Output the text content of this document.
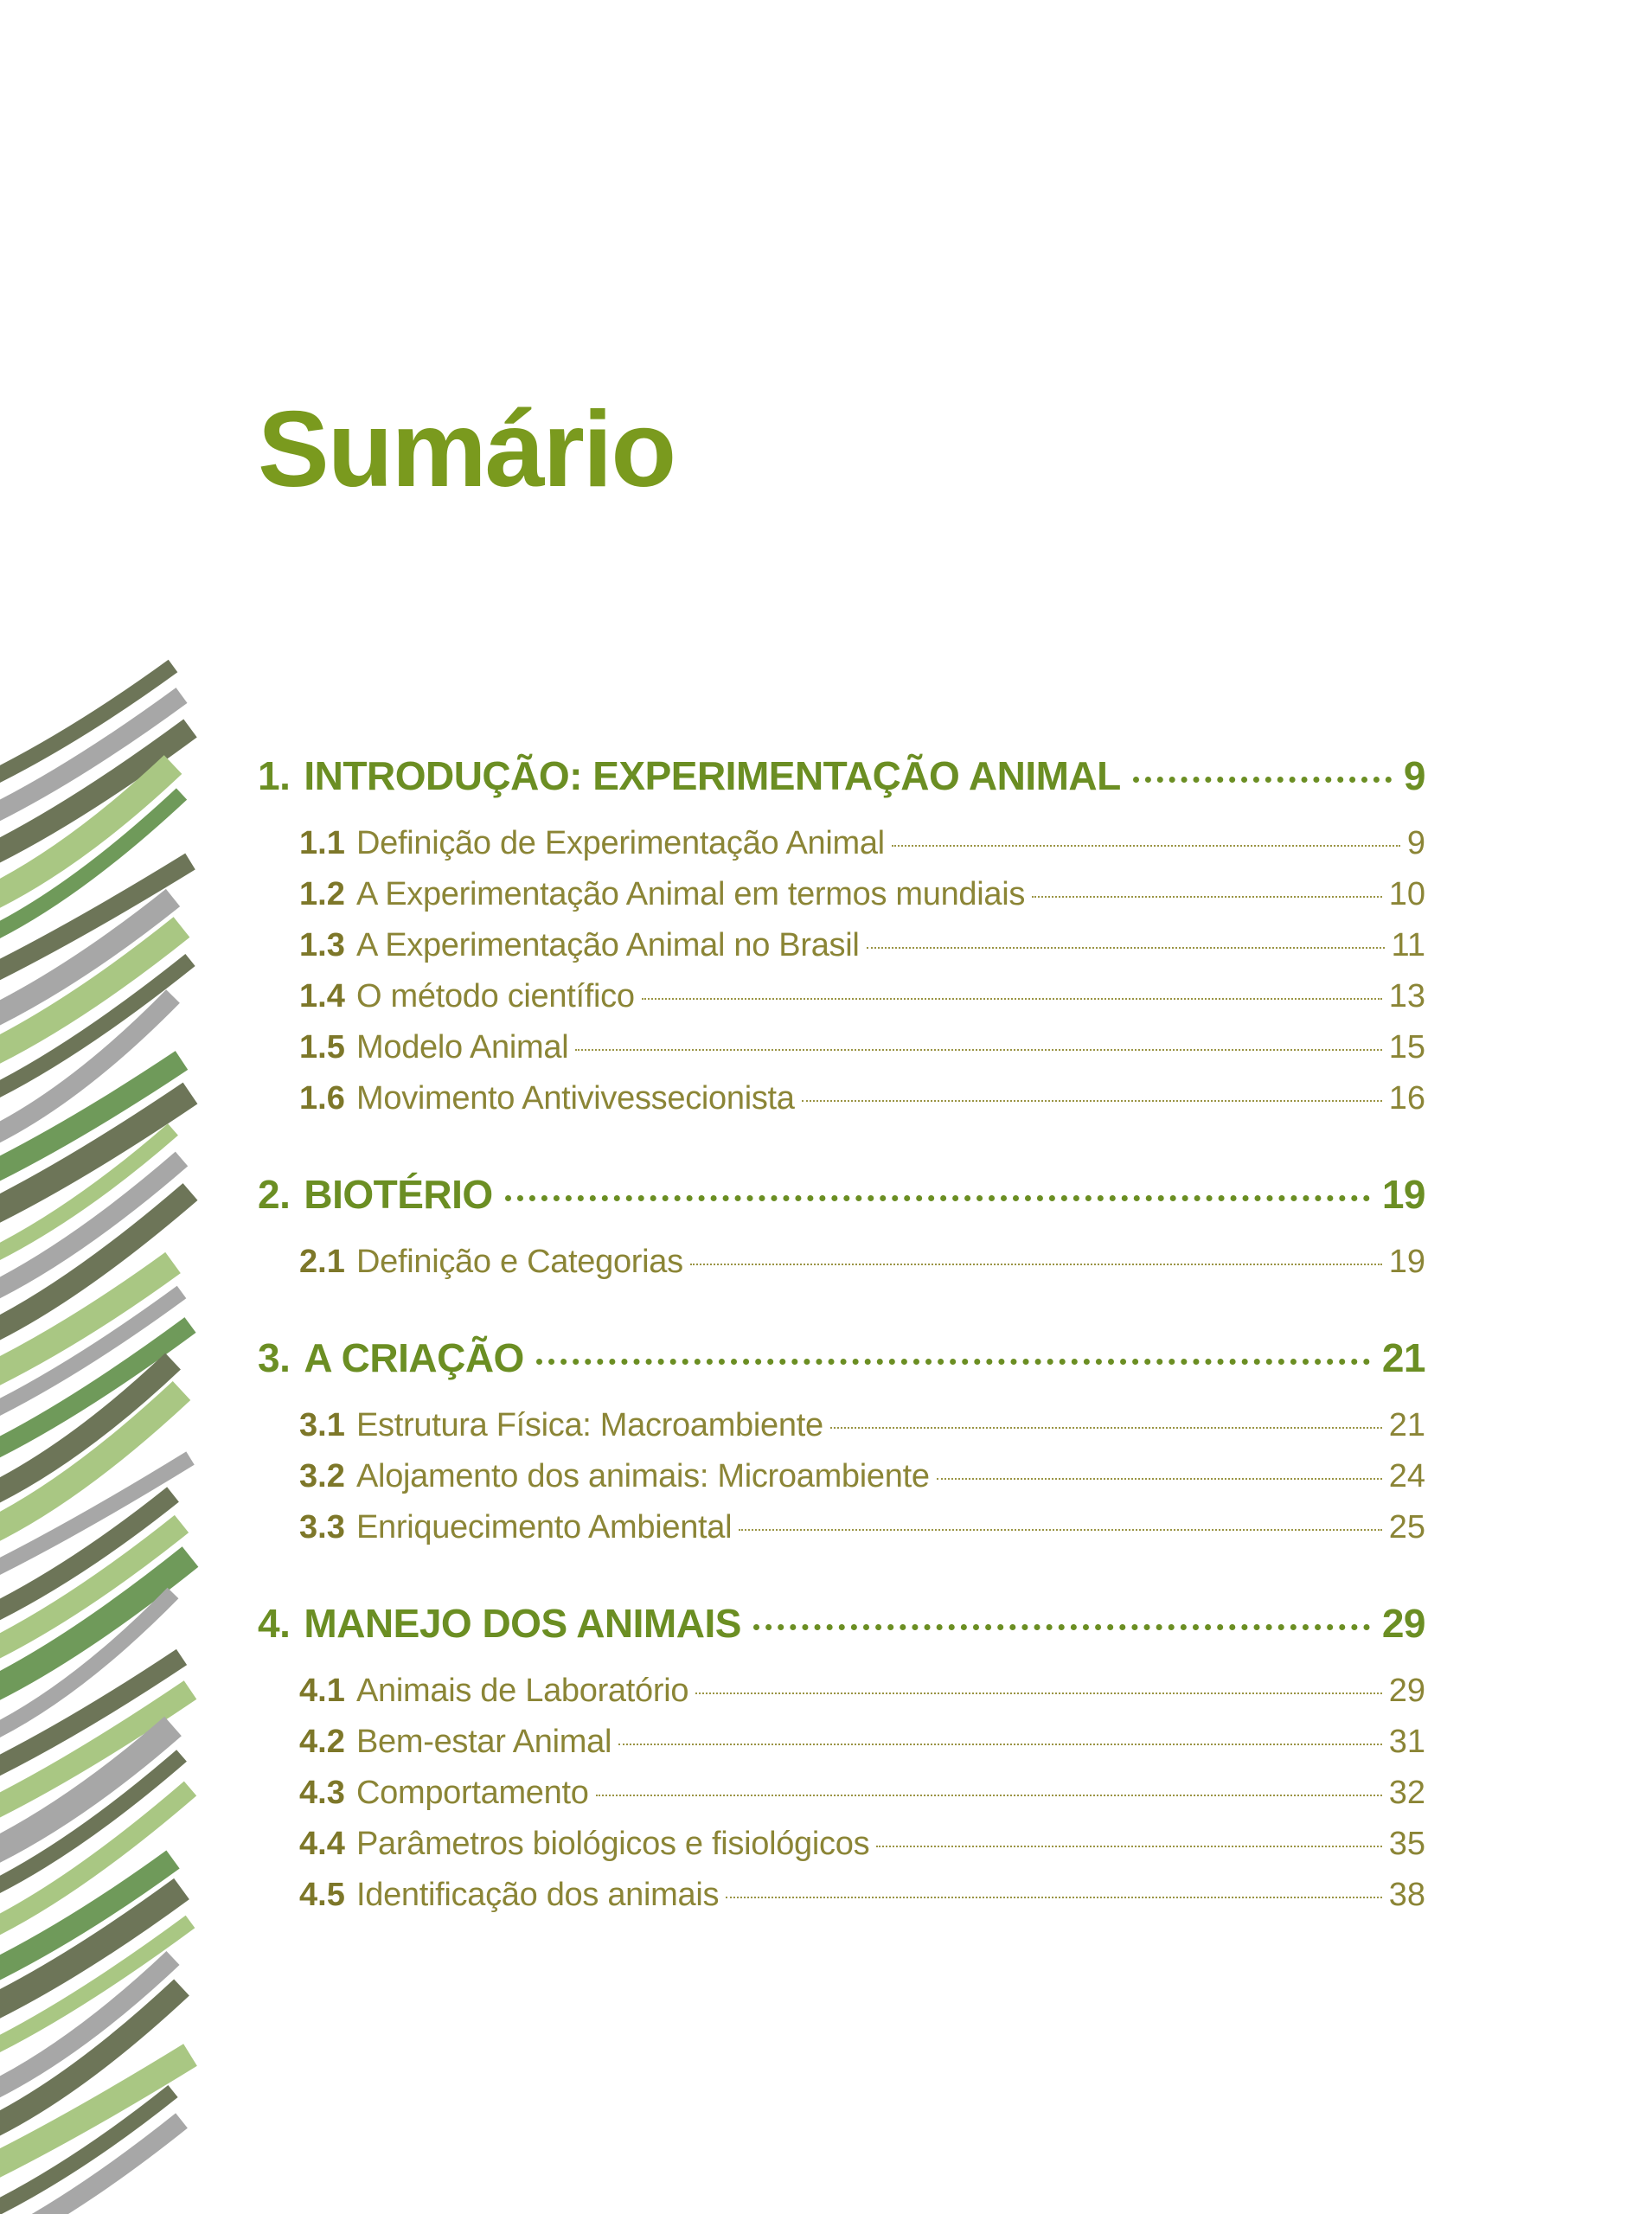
Sumário
1. INTRODUÇÃO: EXPERIMENTAÇÃO ANIMAL	9
1.1 Definição de Experimentação Animal	9
1.2 A Experimentação Animal em termos mundiais	10
1.3 A Experimentação Animal no Brasil	11
1.4 O método científico	13
1.5 Modelo Animal	15
1.6 Movimento Antivivessecionista	16
2. BIOTÉRIO	19
2.1 Definição e Categorias	19
3. A CRIAÇÃO	21
3.1 Estrutura Física: Macroambiente	21
3.2 Alojamento dos animais: Microambiente	24
3.3 Enriquecimento Ambiental	25
4. MANEJO DOS ANIMAIS	29
4.1 Animais de Laboratório	29
4.2 Bem-estar Animal	31
4.3 Comportamento	32
4.4 Parâmetros biológicos e fisiológicos	35
4.5 Identificação dos animais	38
